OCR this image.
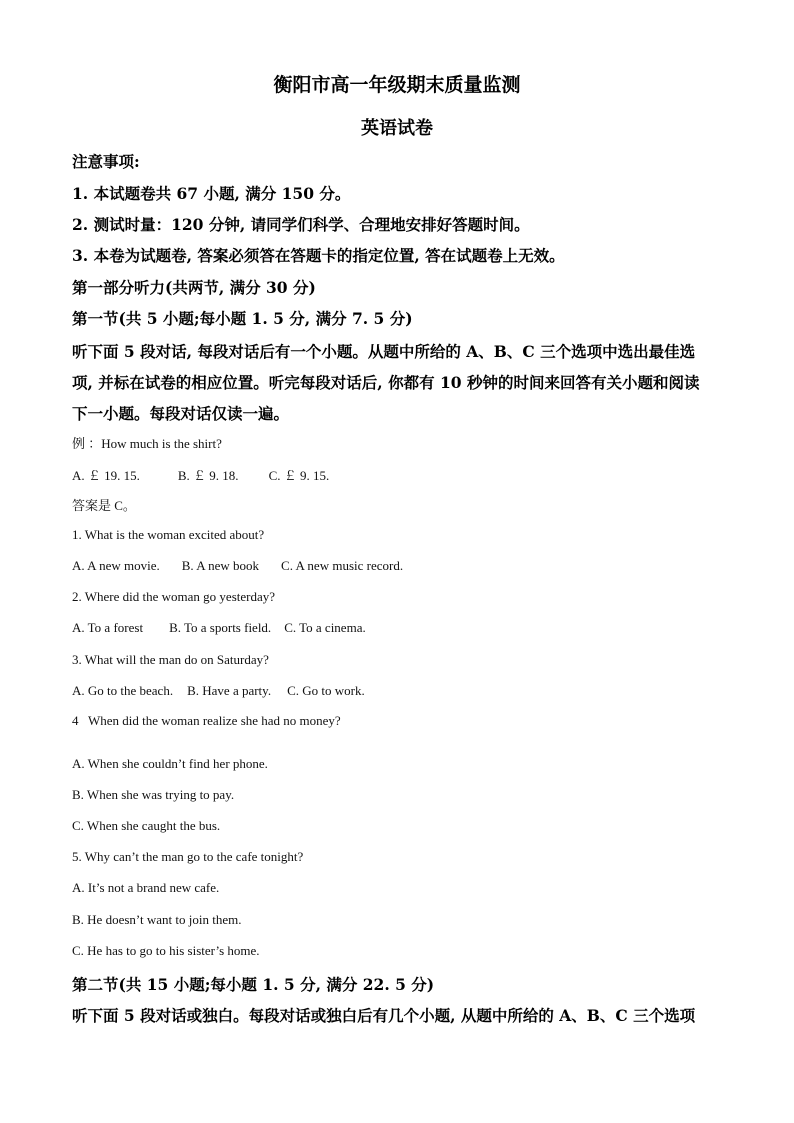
衡阳市高一年级期末质量监测
英语试卷
注意事项:
1. 本试题卷共 67 小题, 满分 150 分。
2. 测试时量：120 分钟, 请同学们科学、合理地安排好答题时间。
3. 本卷为试题卷, 答案必须答在答题卡的指定位置, 答在试题卷上无效。
第一部分听力(共两节, 满分 30 分)
第一节(共 5 小题;每小题 1. 5 分, 满分 7. 5 分)
听下面 5 段对话, 每段对话后有一个小题。从题中所给的 A、B、C 三个选项中选出最佳选
项, 并标在试卷的相应位置。听完每段对话后, 你都有 10 秒钟的时间来回答有关小题和阅读
下一小题。每段对话仅读一遍。
例 ：How much is the shirt?
A. ￡ 19. 15.	B. ￡ 9. 18. C. ￡ 9. 15.
答案是 C。
1. What is the woman excited about?
A. A new movie. B. A new book C. A new music record.
2. Where did the woman go yesterday?
A. To a forest B. To a sports field. C. To a cinema.
3. What will the man do on Saturday?
A. Go to the beach. B. Have a party. C. Go to work.
4   When did the woman realize she had no money?
A. When she couldn’t find her phone.
B. When she was trying to pay.
C. When she caught the bus.
5. Why can’t the man go to the cafe tonight?
A. It’s not a brand new cafe.
B. He doesn’t want to join them.
C. He has to go to his sister’s home.
第二节(共 15 小题;每小题 1. 5 分, 满分 22. 5 分)
听下面 5 段对话或独白。每段对话或独白后有几个小题, 从题中所给的 A、B、C 三个选项
